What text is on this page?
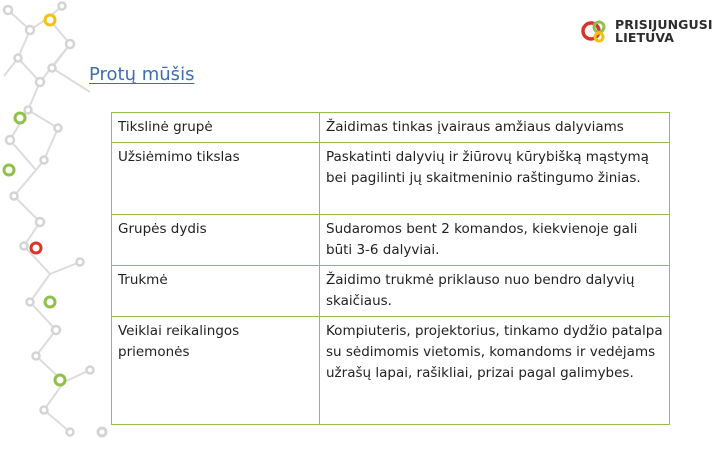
PRISIJUNGUSI
LIETUVA
Protų mūšis
Tikslinė grupė	Žaidimas tinkas įvairaus amžiaus dalyviams
Užsiėmimo tikslas	Paskatinti dalyvių ir žiūrovų kūrybišką mąstymą bei pagilinti jų skaitmeninio raštingumo žinias.
Grupės dydis	Sudaromos bent 2 komandos, kiekvienoje gali būti 3-6 dalyviai.
Trukmė	Žaidimo trukmė priklauso nuo bendro dalyvių skaičiaus.
Veiklai reikalingos priemonės	Kompiuteris, projektorius, tinkamo dydžio patalpa su sėdimomis vietomis, komandoms ir vedėjams užrašų lapai, rašikliai, prizai pagal galimybes.
